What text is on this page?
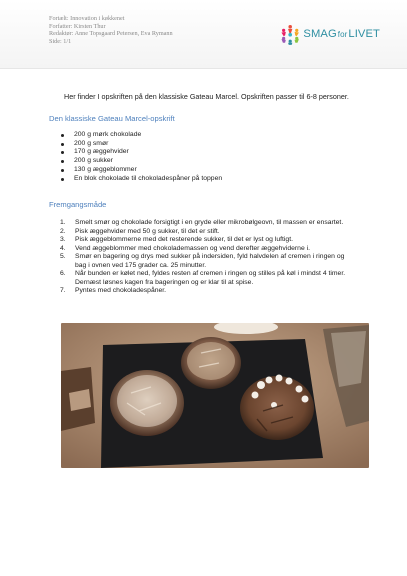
Fortælt: Innovation i køkkenet
Forfatter: Kirsten Thur
Redaktør: Anne Topsgaard Petersen, Eva Rymann
Side: 1/1
SMAGforLIVET
Her finder I opskriften på den klassiske Gateau Marcel. Opskriften passer til 6-8 personer.
Den klassiske Gateau Marcel-opskrift
200 g mørk chokolade
200 g smør
170 g æggehvider
200 g sukker
130 g æggeblommer
En blok chokolade til chokoladespåner på toppen
Fremgangsmåde
1. Smelt smør og chokolade forsigtigt i en gryde eller mikrobølgeovn, til massen er ensartet.
2. Pisk æggehvider med 50 g sukker, til det er stift.
3. Pisk æggeblommerne med det resterende sukker, til det er lyst og luftigt.
4. Vend æggeblommer med chokolademassen og vend derefter æggehviderne i.
5. Smør en bagering og drys med sukker på indersiden, fyld halvdelen af cremen i ringen og bag i ovnen ved 175 grader ca. 25 minutter.
6. Når bunden er kølet ned, fyldes resten af cremen i ringen og stilles på køl i mindst 4 timer. Dernæst løsnes kagen fra bageringen og er klar til at spise.
7. Pyntes med chokoladespåner.
